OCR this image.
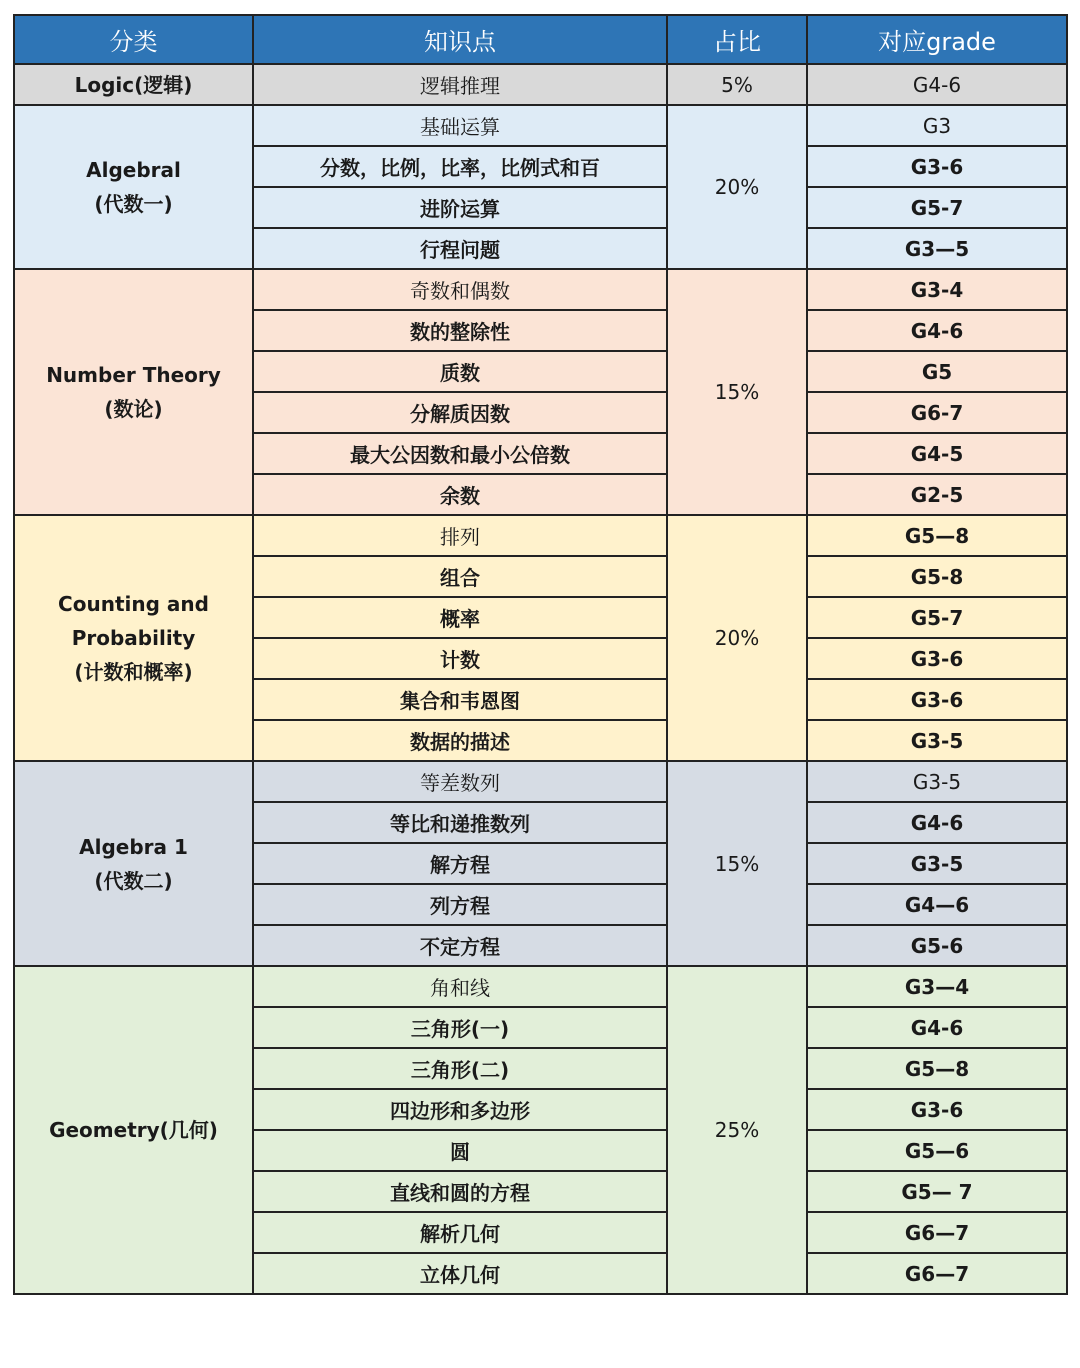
分类	知识点	占比	对应grade

Logic(逻辑)	逻辑推理	5%	G4-6

Algebral
(代数一)	基础运算	20%	G3
	分数，比例，比率，比例式和百		G3-6
	进阶运算		G5-7
	行程问题		G3—5

Number Theory
(数论)	奇数和偶数	15%	G3-4
	数的整除性		G4-6
	质数		G5
	分解质因数		G6-7
	最大公因数和最小公倍数		G4-5
	余数		G2-5

Counting and
Probability
(计数和概率)	排列	20%	G5—8
	组合		G5-8
	概率		G5-7
	计数		G3-6
	集合和韦恩图		G3-6
	数据的描述		G3-5

Algebra 1
(代数二)	等差数列	15%	G3-5
	等比和递推数列		G4-6
	解方程		G3-5
	列方程		G4—6
	不定方程		G5-6

Geometry(几何)	角和线	25%	G3—4
	三角形(一)		G4-6
	三角形(二)		G5—8
	四边形和多边形		G3-6
	圆		G5—6
	直线和圆的方程		G5— 7
	解析几何		G6—7
	立体几何		G6—7
